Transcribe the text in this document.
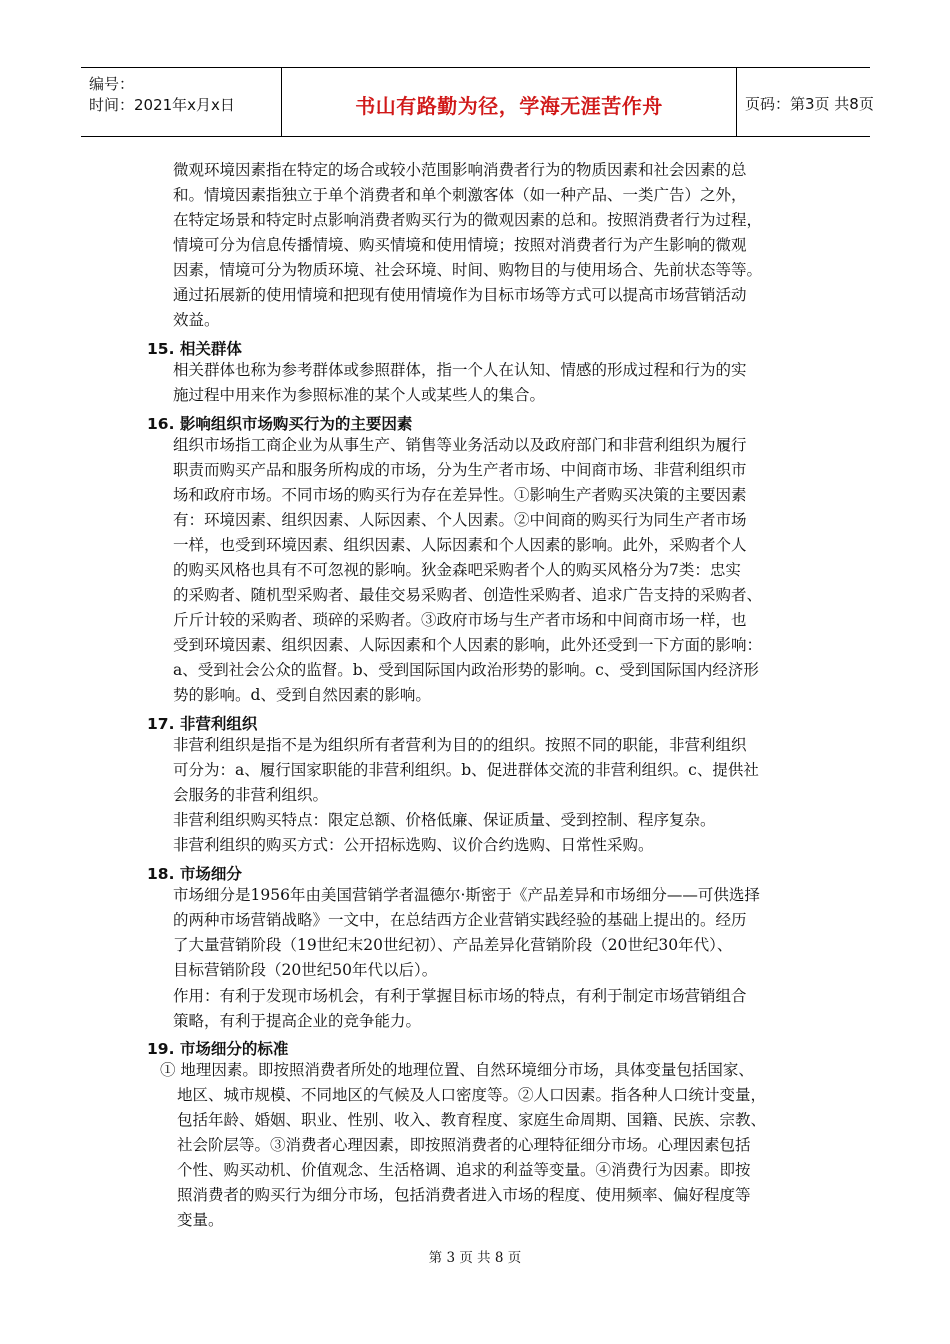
编号：
时间：2021年x月x日	书山有路勤为径，学海无涯苦作舟	页码：第3页 共8页
微观环境因素指在特定的场合或较小范围影响消费者行为的物质因素和社会因素的总
和。情境因素指独立于单个消费者和单个刺激客体（如一种产品、一类广告）之外，
在特定场景和特定时点影响消费者购买行为的微观因素的总和。按照消费者行为过程，
情境可分为信息传播情境、购买情境和使用情境；按照对消费者行为产生影响的微观
因素，情境可分为物质环境、社会环境、时间、购物目的与使用场合、先前状态等等。
通过拓展新的使用情境和把现有使用情境作为目标市场等方式可以提高市场营销活动
效益。
15. 相关群体
相关群体也称为参考群体或参照群体，指一个人在认知、情感的形成过程和行为的实
施过程中用来作为参照标准的某个人或某些人的集合。
16. 影响组织市场购买行为的主要因素
组织市场指工商企业为从事生产、销售等业务活动以及政府部门和非营利组织为履行
职责而购买产品和服务所构成的市场，分为生产者市场、中间商市场、非营利组织市
场和政府市场。不同市场的购买行为存在差异性。①影响生产者购买决策的主要因素
有：环境因素、组织因素、人际因素、个人因素。②中间商的购买行为同生产者市场
一样，也受到环境因素、组织因素、人际因素和个人因素的影响。此外，采购者个人
的购买风格也具有不可忽视的影响。狄金森吧采购者个人的购买风格分为7类：忠实
的采购者、随机型采购者、最佳交易采购者、创造性采购者、追求广告支持的采购者、
斤斤计较的采购者、琐碎的采购者。③政府市场与生产者市场和中间商市场一样，也
受到环境因素、组织因素、人际因素和个人因素的影响，此外还受到一下方面的影响：
a、受到社会公众的监督。b、受到国际国内政治形势的影响。c、受到国际国内经济形
势的影响。d、受到自然因素的影响。
17. 非营利组织
非营利组织是指不是为组织所有者营利为目的的组织。按照不同的职能，非营利组织
可分为：a、履行国家职能的非营利组织。b、促进群体交流的非营利组织。c、提供社
会服务的非营利组织。
非营利组织购买特点：限定总额、价格低廉、保证质量、受到控制、程序复杂。
非营利组织的购买方式：公开招标选购、议价合约选购、日常性采购。
18. 市场细分
市场细分是1956年由美国营销学者温德尔·斯密于《产品差异和市场细分——可供选择
的两种市场营销战略》一文中，在总结西方企业营销实践经验的基础上提出的。经历
了大量营销阶段（19世纪末20世纪初）、产品差异化营销阶段（20世纪30年代）、
目标营销阶段（20世纪50年代以后）。
作用：有利于发现市场机会，有利于掌握目标市场的特点，有利于制定市场营销组合
策略，有利于提高企业的竞争能力。
19. 市场细分的标准
① 地理因素。即按照消费者所处的地理位置、自然环境细分市场，具体变量包括国家、
地区、城市规模、不同地区的气候及人口密度等。②人口因素。指各种人口统计变量，
包括年龄、婚姻、职业、性别、收入、教育程度、家庭生命周期、国籍、民族、宗教、
社会阶层等。③消费者心理因素，即按照消费者的心理特征细分市场。心理因素包括
个性、购买动机、价值观念、生活格调、追求的利益等变量。④消费行为因素。即按
照消费者的购买行为细分市场，包括消费者进入市场的程度、使用频率、偏好程度等
变量。
第 3 页 共 8 页
